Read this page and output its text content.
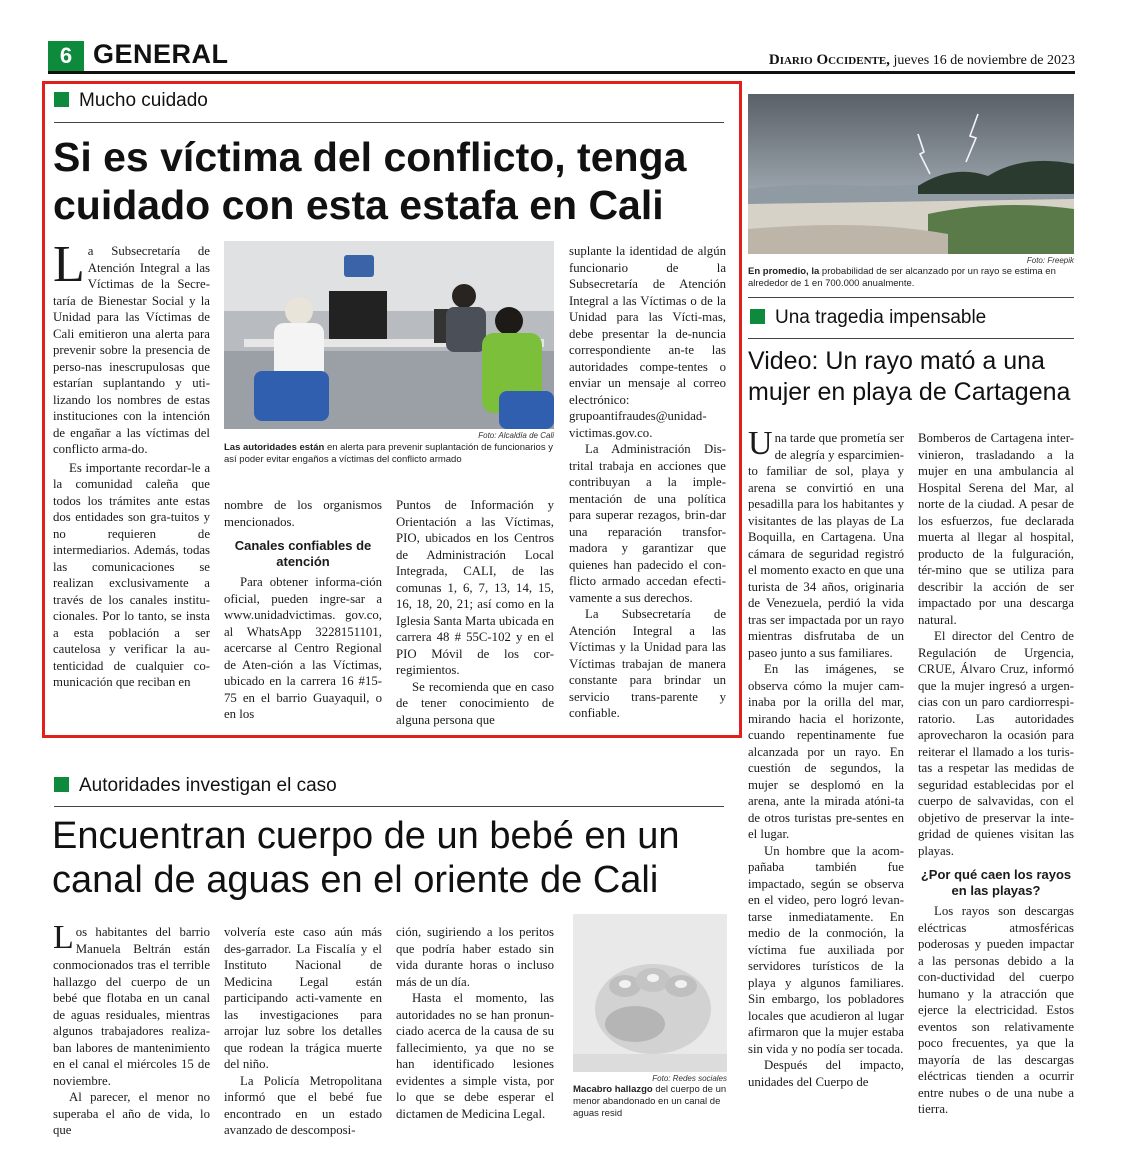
6 GENERAL	Diario Occidente, jueves 16 de noviembre de 2023
Mucho cuidado
Si es víctima del conflicto, tenga cuidado con esta estafa en Cali

La Subsecretaría de Atención Integral a las Víctimas de la Secre-taría de Bienestar Social y la Unidad para las Víctimas de Cali emitieron una alerta para prevenir sobre la presencia de perso-nas inescrupulosas que estarían suplantando y uti-lizando los nombres de estas instituciones con la intención de engañar a las víctimas del conflicto arma-do.

Es importante recordar-le a la comunidad caleña que todos los trámites ante estas dos entidades son gra-tuitos y no requieren de intermediarios. Además, todas las comunicaciones se realizan exclusivamente a través de los canales institu-cionales. Por lo tanto, se insta a esta población a ser cautelosa y verificar la au-tenticidad de cualquier co-municación que reciban en

Foto: Alcaldía de Cali
Las autoridades están en alerta para prevenir suplantación de funcionarios y así poder evitar engaños a víctimas del conflicto armado

nombre de los organismos mencionados.

Canales confiables de atención

Para obtener informa-ción oficial, pueden ingre-sar a www.unidadvictimas. gov.co, al WhatsApp 3228151101, acercarse al Centro Regional de Aten-ción a las Víctimas, ubicado en la carrera 16 #15-75 en el barrio Guayaquil, o en los

Puntos de Información y Orientación a las Víctimas, PIO, ubicados en los Centros de Administración Local Integrada, CALI, de las comunas 1, 6, 7, 13, 14, 15, 16, 18, 20, 21; así como en la Iglesia Santa Marta ubicada en carrera 48 # 55C-102 y en el PIO Móvil de los cor-regimientos.

Se recomienda que en caso de tener conocimiento de alguna persona que

suplante la identidad de algún funcionario de la Subsecretaría de Atención Integral a las Víctimas o de la Unidad para las Vícti-mas, debe presentar la de-nuncia correspondiente an-te las autoridades compe-tentes o enviar un mensaje al correo electrónico: grupoantifraudes@unidad-victimas.gov.co.

La Administración Dis-trital trabaja en acciones que contribuyan a la imple-mentación de una política para superar rezagos, brin-dar una reparación transfor-madora y garantizar que quienes han padecido el con-flicto armado accedan efecti-vamente a sus derechos.

La Subsecretaría de Atención Integral a las Víctimas y la Unidad para las Víctimas trabajan de manera constante para brindar un servicio trans-parente y confiable.

Foto: Freepik
En promedio, la probabilidad de ser alcanzado por un rayo se estima en alrededor de 1 en 700.000 anualmente.
Una tragedia impensable
Video: Un rayo mató a una mujer en playa de Cartagena

Una tarde que prometía ser de alegría y esparcimien-to familiar de sol, playa y arena se convirtió en una pesadilla para los habitantes y visitantes de las playas de La Boquilla, en Cartagena. Una cámara de seguridad registró el momento exacto en que una turista de 34 años, originaria de Venezuela, perdió la vida tras ser impactada por un rayo mientras disfrutaba de un paseo junto a sus familiares.

En las imágenes, se observa cómo la mujer cam-inaba por la orilla del mar, mirando hacia el horizonte, cuando repentinamente fue alcanzada por un rayo. En cuestión de segundos, la mujer se desplomó en la arena, ante la mirada atóni-ta de otros turistas pre-sentes en el lugar.

Un hombre que la acom-pañaba también fue impactado, según se observa en el video, pero logró levan-tarse inmediatamente. En medio de la conmoción, la víctima fue auxiliada por servidores turísticos de la playa y algunos familiares. Sin embargo, los pobladores locales que acudieron al lugar afirmaron que la mujer estaba sin vida y no podía ser tocada.

Después del impacto, unidades del Cuerpo de

Bomberos de Cartagena inter-vinieron, trasladando a la mujer en una ambulancia al Hospital Serena del Mar, al norte de la ciudad. A pesar de los esfuerzos, fue declarada muerta al llegar al hospital, producto de la fulguración, tér-mino que se utiliza para describir la acción de ser impactado por una descarga natural.

El director del Centro de Regulación de Urgencia, CRUE, Álvaro Cruz, informó que la mujer ingresó a urgen-cias con un paro cardiorrespi-ratorio. Las autoridades aprovecharon la ocasión para reiterar el llamado a los turis-tas a respetar las medidas de seguridad establecidas por el cuerpo de salvavidas, con el objetivo de preservar la inte-gridad de quienes visitan las playas.

¿Por qué caen los rayos en las playas?

Los rayos son descargas eléctricas atmosféricas poderosas y pueden impactar a las personas debido a la con-ductividad del cuerpo humano y la atracción que ejerce la electricidad. Estos eventos son relativamente poco frecuentes, ya que la mayoría de las descargas eléctricas tienden a ocurrir entre nubes o de una nube a tierra.

Autoridades investigan el caso
Encuentran cuerpo de un bebé en un canal de aguas en el oriente de Cali

Los habitantes del barrio Manuela Beltrán están conmocionados tras el terrible hallazgo del cuerpo de un bebé que flotaba en un canal de aguas residuales, mientras algunos trabajadores realiza-ban labores de mantenimiento en el canal el miércoles 15 de noviembre.

Al parecer, el menor no superaba el año de vida, lo que

volvería este caso aún más des-garrador. La Fiscalía y el Instituto Nacional de Medicina Legal están participando acti-vamente en las investigaciones para arrojar luz sobre los detalles que rodean la trágica muerte del niño.

La Policía Metropolitana informó que el bebé fue encontrado en un estado avanzado de descomposi-

ción, sugiriendo a los peritos que podría haber estado sin vida durante horas o incluso más de un día.

Hasta el momento, las autoridades no se han pronun-ciado acerca de la causa de su fallecimiento, ya que no se han identificado lesiones evidentes a simple vista, por lo que se debe esperar el dictamen de Medicina Legal.

Foto: Redes sociales
Macabro hallazgo del cuerpo de un menor abandonado en un canal de aguas resid
